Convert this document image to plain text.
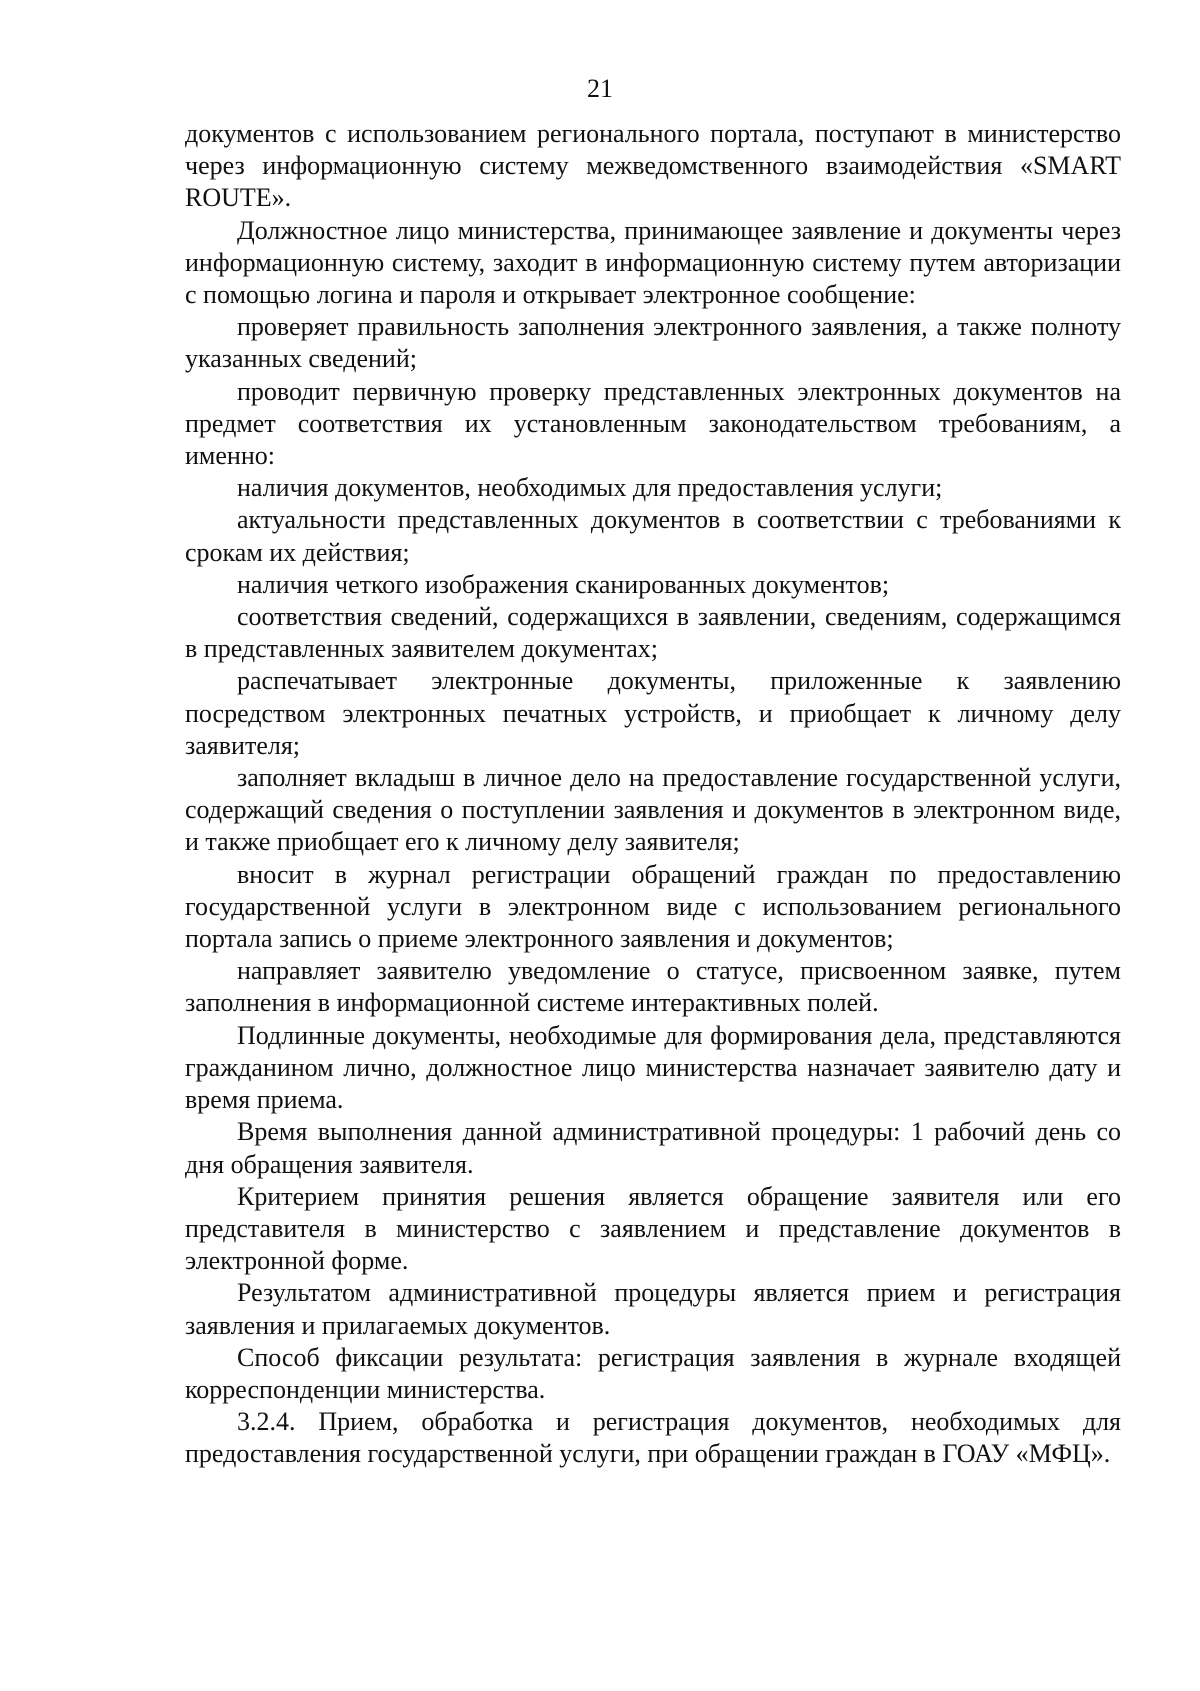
21

документов с использованием регионального портала, поступают в министерство через информационную систему межведомственного взаимодействия «SMART ROUTE».

Должностное лицо министерства, принимающее заявление и документы через информационную систему, заходит в информационную систему путем авторизации с помощью логина и пароля и открывает электронное сообщение:

проверяет правильность заполнения электронного заявления, а также полноту указанных сведений;

проводит первичную проверку представленных электронных документов на предмет соответствия их установленным законодательством требованиям, а именно:

наличия документов, необходимых для предоставления услуги;

актуальности представленных документов в соответствии с требованиями к срокам их действия;

наличия четкого изображения сканированных документов;

соответствия сведений, содержащихся в заявлении, сведениям, содержащимся в представленных заявителем документах;

распечатывает электронные документы, приложенные к заявлению посредством электронных печатных устройств, и приобщает к личному делу заявителя;

заполняет вкладыш в личное дело на предоставление государственной услуги, содержащий сведения о поступлении заявления и документов в электронном виде, и также приобщает его к личному делу заявителя;

вносит в журнал регистрации обращений граждан по предоставлению государственной услуги в электронном виде с использованием регионального портала запись о приеме электронного заявления и документов;

направляет заявителю уведомление о статусе, присвоенном заявке, путем заполнения в информационной системе интерактивных полей.

Подлинные документы, необходимые для формирования дела, представляются гражданином лично, должностное лицо министерства назначает заявителю дату и время приема.

Время выполнения данной административной процедуры: 1 рабочий день со дня обращения заявителя.

Критерием принятия решения является обращение заявителя или его представителя в министерство с заявлением и представление документов в электронной форме.

Результатом административной процедуры является прием и регистрация заявления и прилагаемых документов.

Способ фиксации результата: регистрация заявления в журнале входящей корреспонденции министерства.

3.2.4. Прием, обработка и регистрация документов, необходимых для предоставления государственной услуги, при обращении граждан в ГОАУ «МФЦ».
